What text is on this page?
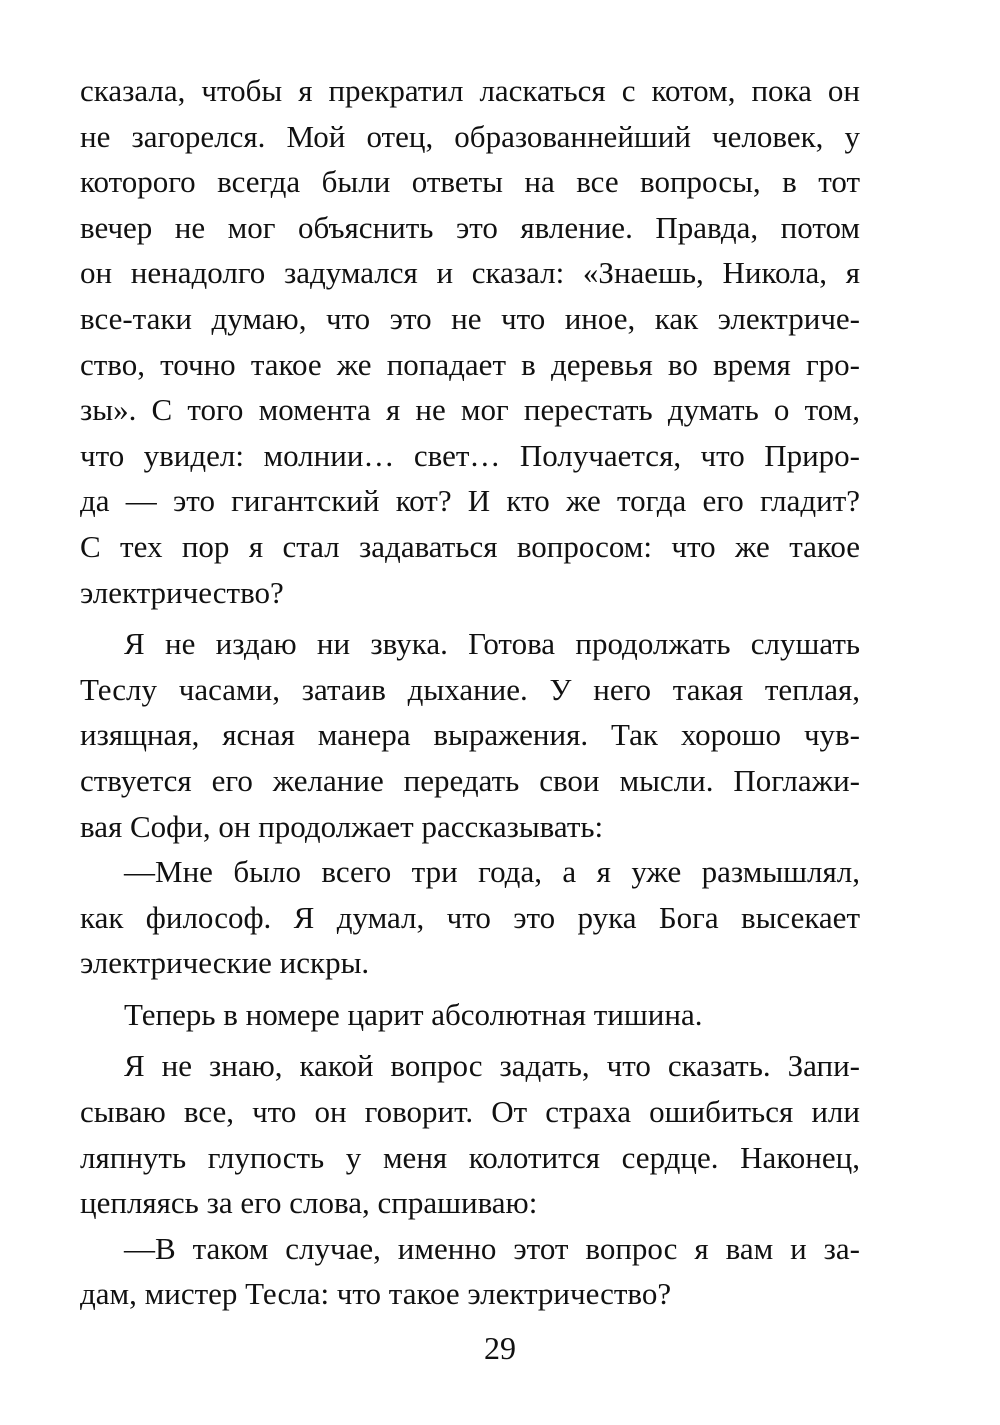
сказала, чтобы я прекратил ласкаться с котом, пока он
не загорелся. Мой отец, образованнейший человек, у
которого всегда были ответы на все вопросы, в тот
вечер не мог объяснить это явление. Правда, потом
он ненадолго задумался и сказал: «Знаешь, Никола, я
все-таки думаю, что это не что иное, как электриче-
ство, точно такое же попадает в деревья во время гро-
зы». С того момента я не мог перестать думать о том,
что увидел: молнии… свет… Получается, что Приро-
да — это гигантский кот? И кто же тогда его гладит?
С тех пор я стал задаваться вопросом: что же такое
электричество?
Я не издаю ни звука. Готова продолжать слушать
Теслу часами, затаив дыхание. У него такая теплая,
изящная, ясная манера выражения. Так хорошо чув-
ствуется его желание передать свои мысли. Поглажи-
вая Софи, он продолжает рассказывать:
—Мне было всего три года, а я уже размышлял,
как философ. Я думал, что это рука Бога высекает
электрические искры.
Теперь в номере царит абсолютная тишина.
Я не знаю, какой вопрос задать, что сказать. Запи-
сываю все, что он говорит. От страха ошибиться или
ляпнуть глупость у меня колотится сердце. Наконец,
цепляясь за его слова, спрашиваю:
—В таком случае, именно этот вопрос я вам и за-
дам, мистер Тесла: что такое электричество?
29
